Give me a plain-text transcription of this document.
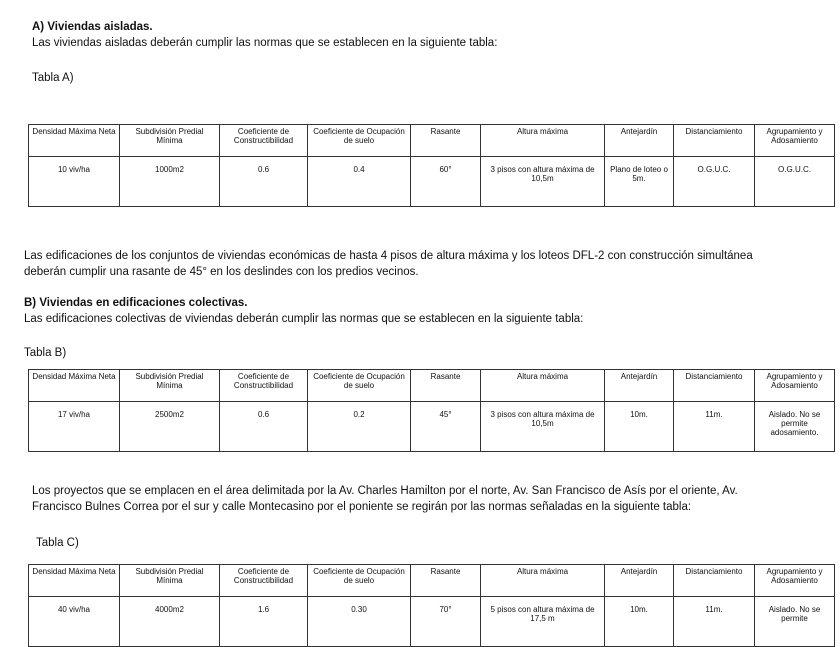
A) Viviendas aisladas.
Las viviendas aisladas deberán cumplir las normas que se establecen en la siguiente tabla:
Tabla A)
Densidad Máxima Neta	Subdivisión Predial Mínima	Coeficiente de Constructibilidad	Coeficiente de Ocupación de suelo	Rasante	Altura máxima	Antejardín	Distanciamiento	Agrupamiento y Adosamiento
10 viv/ha	1000m2	0.6	0.4	60°	3 pisos con altura máxima de 10,5m	Plano de loteo o 5m.	O.G.U.C.	O.G.U.C.
Las edificaciones de los conjuntos de viviendas económicas de hasta 4 pisos de altura máxima y los loteos DFL-2 con construcción simultánea
deberán cumplir una rasante de 45° en los deslindes con los predios vecinos.
B) Viviendas en edificaciones colectivas.
Las edificaciones colectivas de viviendas deberán cumplir las normas que se establecen en la siguiente tabla:
Tabla B)
Densidad Máxima Neta	Subdivisión Predial Mínima	Coeficiente de Constructibilidad	Coeficiente de Ocupación de suelo	Rasante	Altura máxima	Antejardín	Distanciamiento	Agrupamiento y Adosamiento
17 viv/ha	2500m2	0.6	0.2	45°	3 pisos con altura máxima de 10,5m	10m.	11m.	Aislado. No se permite adosamiento.
Los proyectos que se emplacen en el área delimitada por la Av. Charles Hamilton por el norte, Av. San Francisco de Asís por el oriente, Av.
Francisco Bulnes Correa por el sur y calle Montecasino por el poniente se regirán por las normas señaladas en la siguiente tabla:
Tabla C)
Densidad Máxima Neta	Subdivisión Predial Mínima	Coeficiente de Constructibilidad	Coeficiente de Ocupación de suelo	Rasante	Altura máxima	Antejardín	Distanciamiento	Agrupamiento y Adosamiento
40 viv/ha	4000m2	1.6	0.30	70°	5 pisos con altura máxima de 17,5 m	10m.	11m.	Aislado. No se permite
